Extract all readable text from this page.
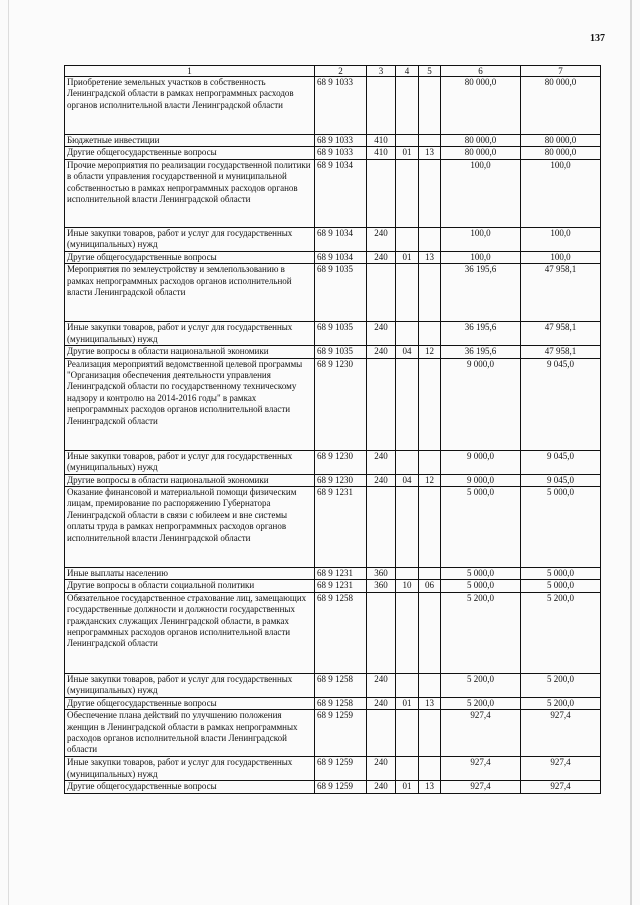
137
1	2	3	4	5	6	7
Приобретение земельных участков в собственность Ленинградской области в рамках непрограммных расходов органов исполнительной власти Ленинградской области	68 9 1033				80 000,0	80 000,0
Бюджетные инвестиции	68 9 1033	410			80 000,0	80 000,0
Другие общегосударственные вопросы	68 9 1033	410	01	13	80 000,0	80 000,0
Прочие мероприятия по реализации государственной политики в области управления государственной и муниципальной собственностью в рамках непрограммных расходов органов исполнительной власти Ленинградской области	68 9 1034				100,0	100,0
Иные закупки товаров, работ и услуг для государственных (муниципальных) нужд	68 9 1034	240			100,0	100,0
Другие общегосударственные вопросы	68 9 1034	240	01	13	100,0	100,0
Мероприятия по землеустройству и землепользованию в рамках непрограммных расходов органов исполнительной власти Ленинградской области	68 9 1035				36 195,6	47 958,1
Иные закупки товаров, работ и услуг для государственных (муниципальных) нужд	68 9 1035	240			36 195,6	47 958,1
Другие вопросы в области национальной экономики	68 9 1035	240	04	12	36 195,6	47 958,1
Реализация мероприятий ведомственной целевой программы "Организация обеспечения деятельности управления Ленинградской области по государственному техническому надзору и контролю на 2014-2016 годы" в рамках непрограммных расходов органов исполнительной власти Ленинградской области	68 9 1230				9 000,0	9 045,0
Иные закупки товаров, работ и услуг для государственных (муниципальных) нужд	68 9 1230	240			9 000,0	9 045,0
Другие вопросы в области национальной экономики	68 9 1230	240	04	12	9 000,0	9 045,0
Оказание финансовой и материальной помощи физическим лицам, премирование по распоряжению Губернатора Ленинградской области в связи с юбилеем и вне системы оплаты труда в рамках непрограммных расходов органов исполнительной власти Ленинградской области	68 9 1231				5 000,0	5 000,0
Иные выплаты населению	68 9 1231	360			5 000,0	5 000,0
Другие вопросы в области социальной политики	68 9 1231	360	10	06	5 000,0	5 000,0
Обязательное государственное страхование лиц, замещающих государственные должности и должности государственных гражданских служащих Ленинградской области, в рамках непрограммных расходов органов исполнительной власти Ленинградской области	68 9 1258				5 200,0	5 200,0
Иные закупки товаров, работ и услуг для государственных (муниципальных) нужд	68 9 1258	240			5 200,0	5 200,0
Другие общегосударственные вопросы	68 9 1258	240	01	13	5 200,0	5 200,0
Обеспечение плана действий по улучшению положения женщин в Ленинградской области в рамках непрограммных расходов органов исполнительной власти Ленинградской области	68 9 1259				927,4	927,4
Иные закупки товаров, работ и услуг для государственных (муниципальных) нужд	68 9 1259	240			927,4	927,4
Другие общегосударственные вопросы	68 9 1259	240	01	13	927,4	927,4
